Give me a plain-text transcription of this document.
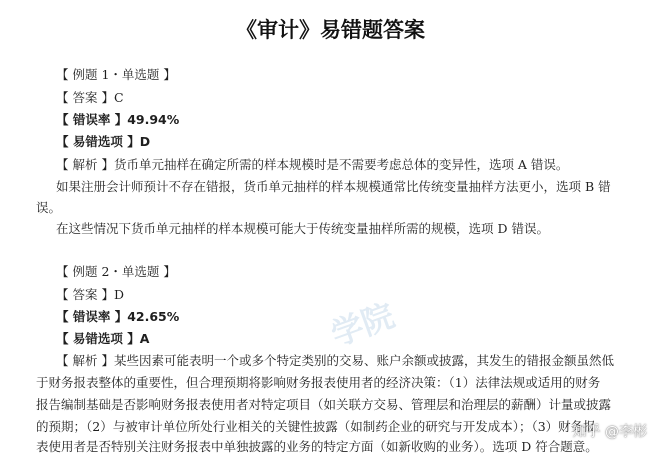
《审计》易错题答案
学院
【 例题 1・单选题 】
【 答案 】C
【 错误率 】49.94%
【 易错选项 】D
【 解析 】货币单元抽样在确定所需的样本规模时是不需要考虑总体的变异性，选项 A 错误。
如果注册会计师预计不存在错报，货币单元抽样的样本规模通常比传统变量抽样方法更小，选项 B 错
误。
在这些情况下货币单元抽样的样本规模可能大于传统变量抽样所需的规模，选项 D 错误。
【 例题 2・单选题 】
【 答案 】D
【 错误率 】42.65%
【 易错选项 】A
【 解析 】某些因素可能表明一个或多个特定类别的交易、账户余额或披露，其发生的错报金额虽然低
于财务报表整体的重要性，但合理预期将影响财务报表使用者的经济决策：（1）法律法规或适用的财务
报告编制基础是否影响财务报表使用者对特定项目（如关联方交易、管理层和治理层的薪酬）计量或披露
的预期；（2）与被审计单位所处行业相关的关键性披露（如制药企业的研究与开发成本）；（3）财务报
表使用者是否特别关注财务报表中单独披露的业务的特定方面（如新收购的业务）。选项 D 符合题意。
知乎 @李彬
